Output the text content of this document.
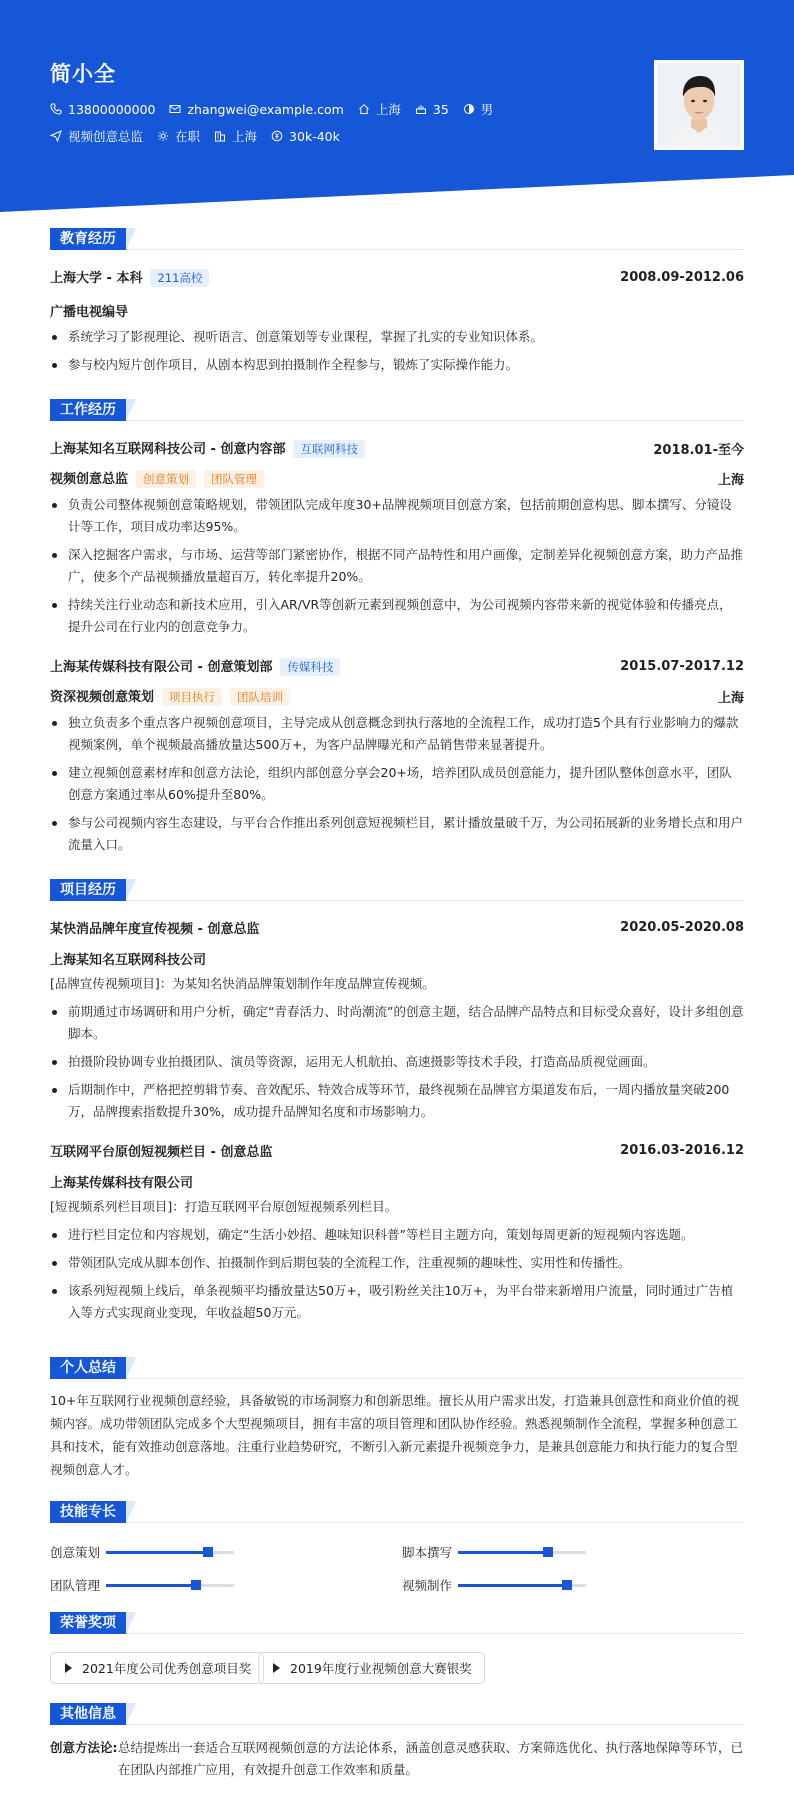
简小全
13800000000	zhangwei@example.com	上海	35	男
视频创意总监	在职	上海	30k-40k
教育经历
上海大学 - 本科 211高校	2008.09-2012.06
广播电视编导
系统学习了影视理论、视听语言、创意策划等专业课程，掌握了扎实的专业知识体系。
参与校内短片创作项目，从剧本构思到拍摄制作全程参与，锻炼了实际操作能力。
工作经历
上海某知名互联网科技公司 - 创意内容部 互联网科技	2018.01-至今
视频创意总监 创意策划 团队管理	上海
负责公司整体视频创意策略规划，带领团队完成年度30+品牌视频项目创意方案，包括前期创意构思、脚本撰写、分镜设计等工作，项目成功率达95%。
深入挖掘客户需求，与市场、运营等部门紧密协作，根据不同产品特性和用户画像，定制差异化视频创意方案，助力产品推广，使多个产品视频播放量超百万，转化率提升20%。
持续关注行业动态和新技术应用，引入AR/VR等创新元素到视频创意中，为公司视频内容带来新的视觉体验和传播亮点，提升公司在行业内的创意竞争力。
上海某传媒科技有限公司 - 创意策划部 传媒科技	2015.07-2017.12
资深视频创意策划 项目执行 团队培训	上海
独立负责多个重点客户视频创意项目，主导完成从创意概念到执行落地的全流程工作，成功打造5个具有行业影响力的爆款视频案例，单个视频最高播放量达500万+，为客户品牌曝光和产品销售带来显著提升。
建立视频创意素材库和创意方法论，组织内部创意分享会20+场，培养团队成员创意能力，提升团队整体创意水平，团队创意方案通过率从60%提升至80%。
参与公司视频内容生态建设，与平台合作推出系列创意短视频栏目，累计播放量破千万，为公司拓展新的业务增长点和用户流量入口。
项目经历
某快消品牌年度宣传视频 - 创意总监	2020.05-2020.08
上海某知名互联网科技公司
[品牌宣传视频项目]：为某知名快消品牌策划制作年度品牌宣传视频。
前期通过市场调研和用户分析，确定“青春活力、时尚潮流”的创意主题，结合品牌产品特点和目标受众喜好，设计多组创意脚本。
拍摄阶段协调专业拍摄团队、演员等资源，运用无人机航拍、高速摄影等技术手段，打造高品质视觉画面。
后期制作中，严格把控剪辑节奏、音效配乐、特效合成等环节，最终视频在品牌官方渠道发布后，一周内播放量突破200万，品牌搜索指数提升30%，成功提升品牌知名度和市场影响力。
互联网平台原创短视频栏目 - 创意总监	2016.03-2016.12
上海某传媒科技有限公司
[短视频系列栏目项目]：打造互联网平台原创短视频系列栏目。
进行栏目定位和内容规划，确定“生活小妙招、趣味知识科普”等栏目主题方向，策划每周更新的短视频内容选题。
带领团队完成从脚本创作、拍摄制作到后期包装的全流程工作，注重视频的趣味性、实用性和传播性。
该系列短视频上线后，单条视频平均播放量达50万+，吸引粉丝关注10万+，为平台带来新增用户流量，同时通过广告植入等方式实现商业变现，年收益超50万元。
个人总结
10+年互联网行业视频创意经验，具备敏锐的市场洞察力和创新思维。擅长从用户需求出发，打造兼具创意性和商业价值的视频内容。成功带领团队完成多个大型视频项目，拥有丰富的项目管理和团队协作经验。熟悉视频制作全流程，掌握多种创意工具和技术，能有效推动创意落地。注重行业趋势研究，不断引入新元素提升视频竞争力，是兼具创意能力和执行能力的复合型视频创意人才。
技能专长
创意策划	脚本撰写
团队管理	视频制作
荣誉奖项
2021年度公司优秀创意项目奖	2019年度行业视频创意大赛银奖
其他信息
创意方法论: 总结提炼出一套适合互联网视频创意的方法论体系，涵盖创意灵感获取、方案筛选优化、执行落地保障等环节，已在团队内部推广应用，有效提升创意工作效率和质量。
